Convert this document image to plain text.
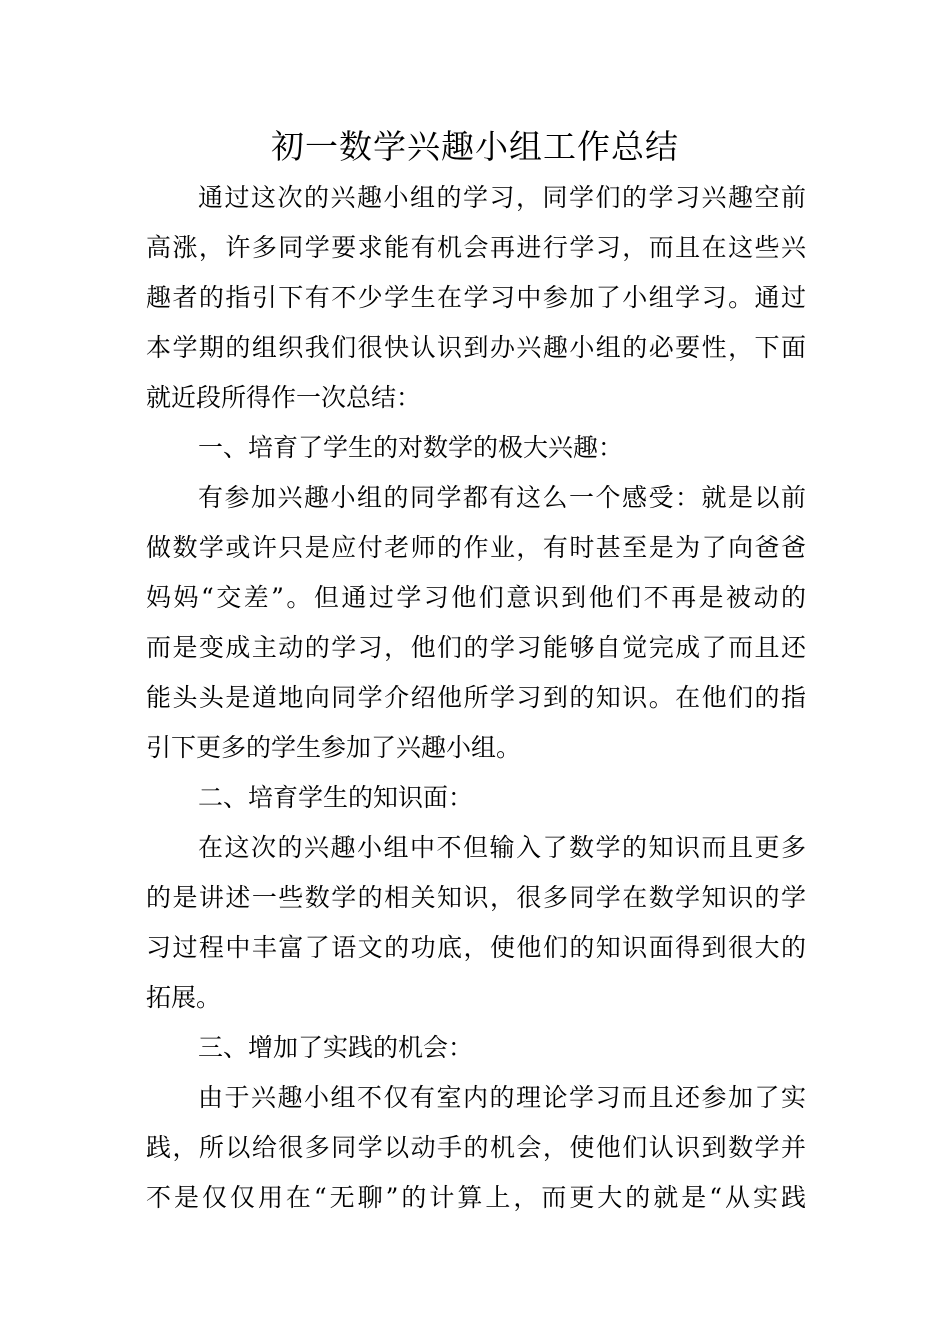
初一数学兴趣小组工作总结
通过这次的兴趣小组的学习，同学们的学习兴趣空前
高涨，许多同学要求能有机会再进行学习，而且在这些兴
趣者的指引下有不少学生在学习中参加了小组学习。通过
本学期的组织我们很快认识到办兴趣小组的必要性，下面
就近段所得作一次总结：
一、培育了学生的对数学的极大兴趣：
有参加兴趣小组的同学都有这么一个感受：就是以前
做数学或许只是应付老师的作业，有时甚至是为了向爸爸
妈妈“交差”。但通过学习他们意识到他们不再是被动的
而是变成主动的学习，他们的学习能够自觉完成了而且还
能头头是道地向同学介绍他所学习到的知识。在他们的指
引下更多的学生参加了兴趣小组。
二、培育学生的知识面：
在这次的兴趣小组中不但输入了数学的知识而且更多
的是讲述一些数学的相关知识，很多同学在数学知识的学
习过程中丰富了语文的功底，使他们的知识面得到很大的
拓展。
三、增加了实践的机会：
由于兴趣小组不仅有室内的理论学习而且还参加了实
践，所以给很多同学以动手的机会，使他们认识到数学并
不是仅仅用在“无聊”的计算上，而更大的就是“从实践
